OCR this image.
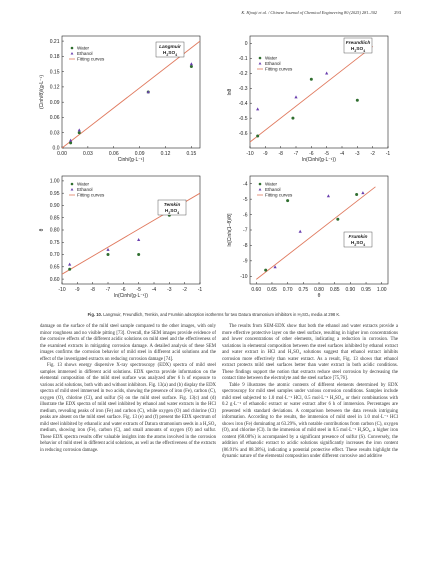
K. Hjouji et al. / Chinese Journal of Chemical Engineering 80 (2025) 281–302	293
0.00	0.03	0.06	0.09	0.12	0.15
0.0
0.03
0.06
0.09
0.12
0.15
0.18
0.21
Cinh/(g·L⁻¹)
(Cinh/θ)/(g·L⁻¹)
Water
Ethanol
Fitting curves
Langmuir
$H_2SO_4$
-10 -9 -8 -7 -6 -5 -4 -3 -2 -1
0
-0.1
-0.2
-0.3
-0.4
-0.5
-0.6
ln(Cinh/(g·L⁻¹))
lnθ
Water
Ethanol
Fitting curves
Freundlich
$H_2SO_4$
-10 -9 -8 -7 -6 -5 -4 -3 -2 -1
1.00
0.95
0.90
0.85
0.80
0.75
0.70
0.65
0.60
ln(Cinh/(g·L⁻¹))
θ
Water
Ethanol
Fitting curves
Temkin
$H_2SO_4$
0.60 0.65 0.70 0.75 0.80 0.85 0.90 0.95 1.00
-4
-5
-6
-7
-8
-9
-10
θ
ln[Cinh(1−θ)/θ]
Water
Ethanol
Fitting curves
Frumkin
$H_2SO_4$
Fig. 10. Langmuir, Freundlich, Temkin, and Frumkin adsorption isotherms for two Datura stramonium inhibitors in H₂SO₄ media at 298 K.

damage on the surface of the mild steel sample compared to the other images, with only minor roughness and no visible pitting [73]. Overall, the SEM images provide evidence of the corrosive effects of the different acidic solutions on mild steel and the effectiveness of the examined extracts in mitigating corrosion damage. A detailed analysis of these SEM images confirms the corrosion behavior of mild steel in different acid solutions and the effect of the investigated extracts on reducing corrosion damage [74].

Fig. 13 shows energy dispersive X-ray spectroscopy (EDX) spectra of mild steel samples immersed in different acid solutions. EDX spectra provide information on the elemental composition of the mild steel surface was analyzed after 6 h of exposure to various acid solutions, both with and without inhibitors. Fig. 13(a) and (b) display the EDX spectra of mild steel immersed in two acids, showing the presence of iron (Fe), carbon (C), oxygen (O), chlorine (Cl), and sulfur (S) on the mild steel surface. Fig. 13(c) and (d) illustrate the EDX spectra of mild steel inhibited by ethanol and water extracts in the HCl medium, revealing peaks of iron (Fe) and carbon (C), while oxygen (O) and chlorine (Cl) peaks are absent on the mild steel surface. Fig. 13 (e) and (f) present the EDX spectrum of mild steel inhibited by ethanolic and water extracts of Datura stramonium seeds in a H₂SO₄ medium, showing iron (Fe), carbon (C), and small amounts of oxygen (O) and sulfur. These EDX spectra results offer valuable insights into the atoms involved in the corrosion behavior of mild steel in different acid solutions, as well as the effectiveness of the extracts in reducing corrosion damage.

The results from SEM-EDX show that both the ethanol and water extracts provide a more effective protective layer on the steel surface, resulting in higher iron concentrations and lower concentrations of other elements, indicating a reduction in corrosion. The variations in elemental composition between the steel surfaces inhibited by ethanol extract and water extract in HCl and H₂SO₄ solutions suggest that ethanol extract inhibits corrosion more effectively than water extract. As a result, Fig. 13 shows that ethanol extract protects mild steel surfaces better than water extract in both acidic conditions. These findings support the notion that extracts reduce steel corrosion by decreasing the contact time between the electrolyte and the steel surface [75,76].

Table 9 illustrates the atomic contents of different elements determined by EDX spectroscopy for mild steel samples under various corrosion conditions. Samples include mild steel subjected to 1.0 mol·L⁻¹ HCl, 0.5 mol·L⁻¹ H₂SO₄, or their combinations with 0.2 g·L⁻¹ of ethanolic extract or water extract after 6 h of immersion. Percentages are presented with standard deviations. A comparison between the data reveals intriguing information. According to the results, the immersion of mild steel in 1.0 mol·L⁻¹ HCl shows iron (Fe) dominating at 63.29%, with notable contributions from carbon (C), oxygen (O), and chlorine (Cl). In the immersion of mild steel in 0.5 mol·L⁻¹ H₂SO₄, a higher iron content (68.08%) is accompanied by a significant presence of sulfur (S). Conversely, the addition of ethanolic extract to acidic solutions significantly increases the iron content (86.91% and 88.38%), indicating a potential protective effect. These results highlight the dynamic nature of the elemental composition under different corrosive and additive
